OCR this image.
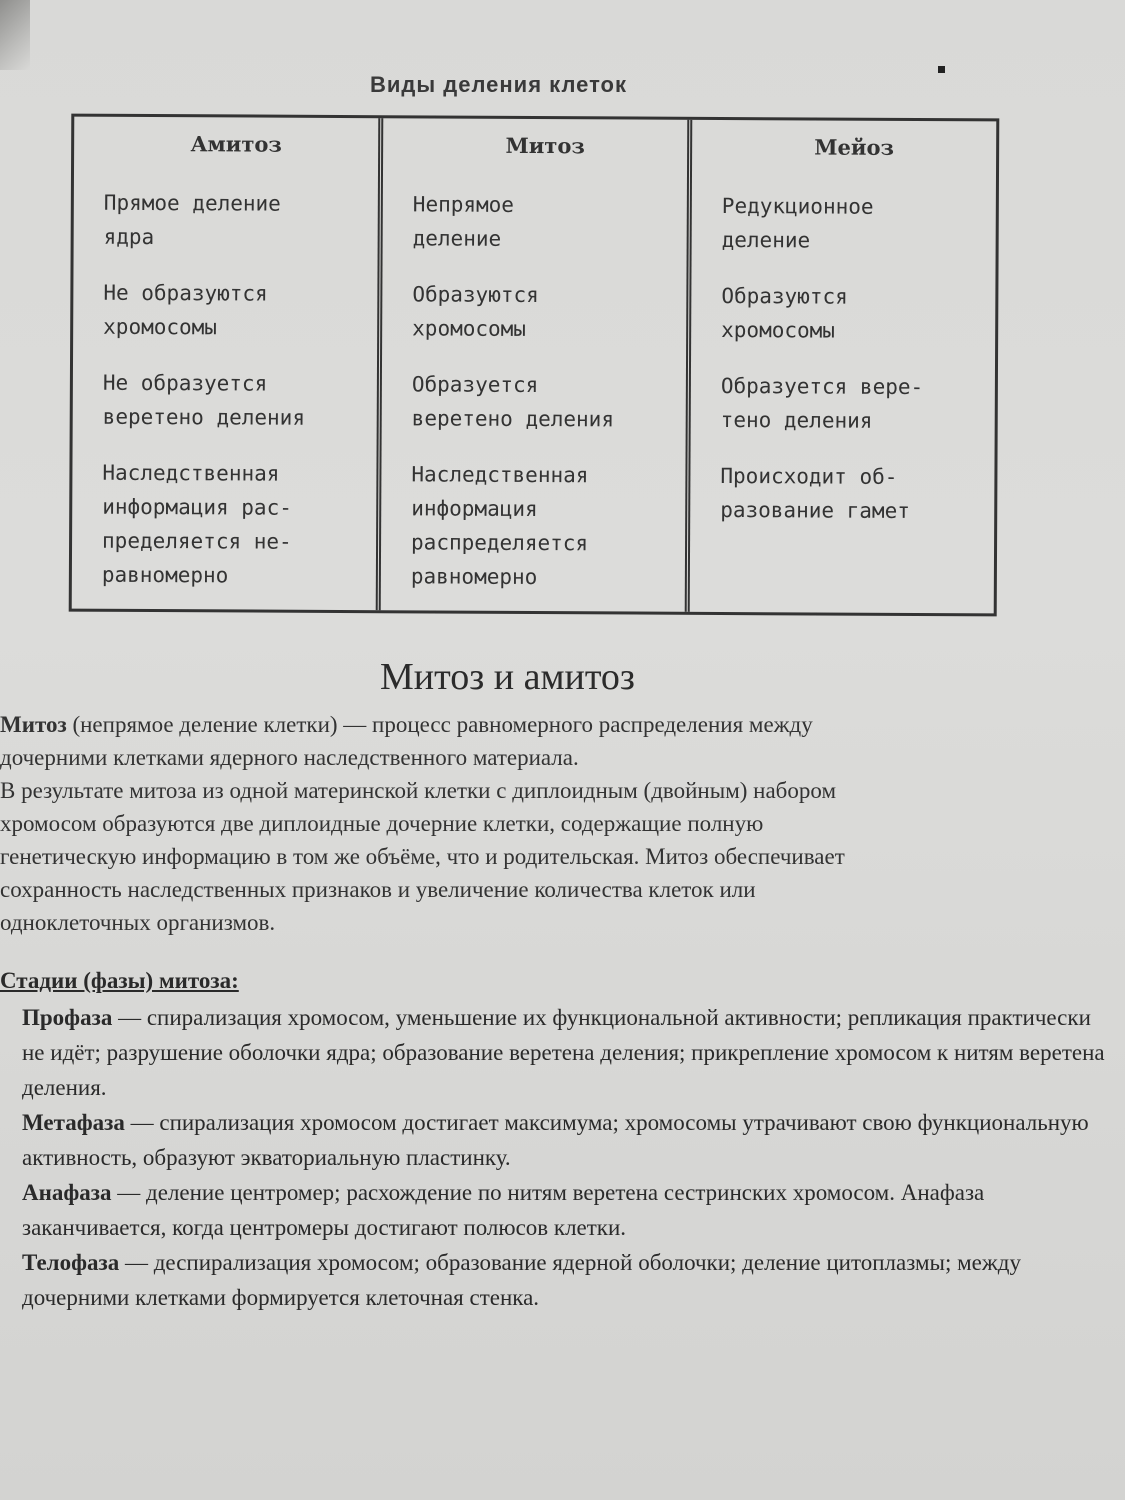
Виды деления клеток
Амитоз
Прямое деление
ядра
Не образуются
хромосомы
Не образуется
веретено деления
Наследственная
информация рас-
пределяется не-
равномерно
Митоз
Непрямое
деление
Образуются
хромосомы
Образуется
веретено деления
Наследственная
информация
распределяется
равномерно
Мейоз
Редукционное
деление
Образуются
хромосомы
Образуется вере-
тено деления
Происходит об-
разование гамет
Митоз и амитоз
Митоз (непрямое деление клетки) — процесс равномерного распределения между
дочерними клетками ядерного наследственного материала.
В результате митоза из одной материнской клетки с диплоидным (двойным) набором
хромосом образуются две диплоидные дочерние клетки, содержащие полную
генетическую информацию в том же объёме, что и родительская. Митоз обеспечивает
сохранность наследственных признаков и увеличение количества клеток или
одноклеточных организмов.
Стадии (фазы) митоза:
Профаза — спирализация хромосом, уменьшение их функциональной активности; репликация практически не идёт; разрушение оболочки ядра; образование веретена деления; прикрепление хромосом к нитям веретена деления.
Метафаза — спирализация хромосом достигает максимума; хромосомы утрачивают свою функциональную активность, образуют экваториальную пластинку.
Анафаза — деление центромер; расхождение по нитям веретена сестринских хромосом. Анафаза заканчивается, когда центромеры достигают полюсов клетки.
Телофаза — деспирализация хромосом; образование ядерной оболочки; деление цитоплазмы; между дочерними клетками формируется клеточная стенка.
